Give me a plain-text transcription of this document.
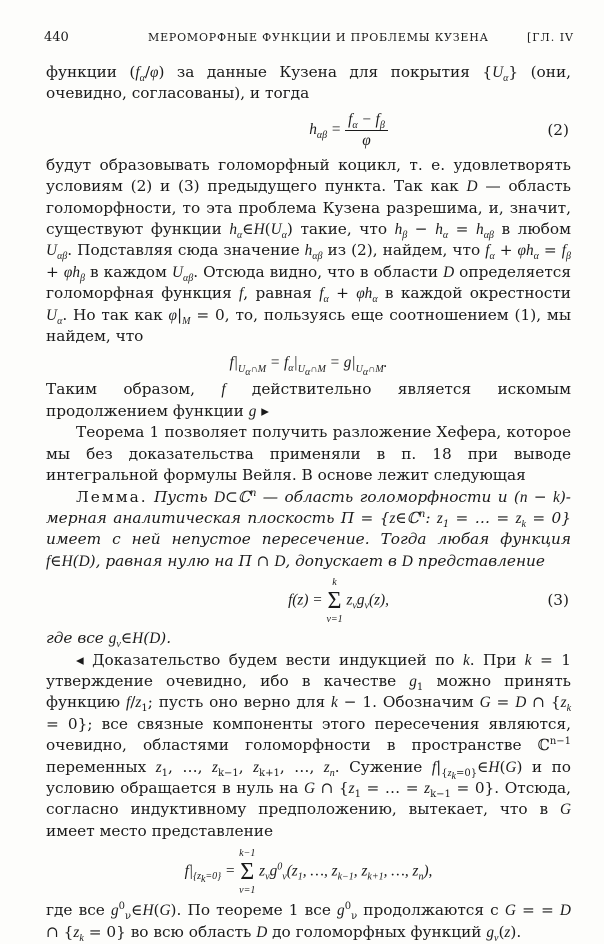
440	МЕРОМОРФНЫЕ ФУНКЦИИ И ПРОБЛЕМЫ КУЗЕНА	[ГЛ. IV

функции $(f_\alpha/\varphi)$ за данные Кузена для покрытия $\{U_\alpha\}$ (они, очевидно, согласованы), и тогда

$h_{\alpha\beta} = \frac{f_\alpha - f_\beta}{\varphi}$	(2)

будут образовывать голоморфный коцикл, т. е. удовлетворять условиям (2) и (3) предыдущего пункта. Так как D — область голоморфности, то эта проблема Кузена разрешима, и, значит, существуют функции $h_\alpha\in H(U_\alpha)$ такие, что $h_\beta - h_\alpha = h_{\alpha\beta}$ в любом $U_{\alpha\beta}$. Подставляя сюда значение $h_{\alpha\beta}$ из (2), найдем, что $f_\alpha + \varphi h_\alpha = f_\beta + \varphi h_\beta$ в каждом $U_{\alpha\beta}$. Отсюда видно, что в области D определяется голоморфная функция f, равная $f_\alpha + \varphi h_\alpha$ в каждой окрестности $U_\alpha$. Но так как $\varphi|_M = 0$, то, пользуясь еще соотношением (1), мы найдем, что

$f|_{U_\alpha\cap M} = f_\alpha|_{U_\alpha\cap M} = g|_{U_\alpha\cap M}$.

Таким образом, f действительно является искомым продолжением функции g ▸

Теорема 1 позволяет получить разложение Хефера, которое мы без доказательства применяли в п. 18 при выводе интегральной формулы Вейля. В основе лежит следующая

Лемма. Пусть D⊂ℂ$^n$ — область голоморфности и (n − k)-мерная аналитическая плоскость Π = {z∈ℂ$^n$: $z_1$ = … = $z_k = 0$} имеет с ней непустое пересечение. Тогда любая функция f∈H(D), равная нулю на Π ∩ D, допускает в D представление

f(z) =
k
Σ
ν=1
$z_\nu g_\nu(z)$,	(3)

где все $g_\nu\in H(D)$.

◂ Доказательство будем вести индукцией по k. При k = 1 утверждение очевидно, ибо в качестве $g_1$ можно принять функцию $f/z_1$; пусть оно верно для k − 1. Обозначим G = D ∩ $\{z_k = 0\}$; все связные компоненты этого пересечения являются, очевидно, областями голоморфности в пространстве ℂ$^{n-1}$ переменных $z_1$, …, $z_{k-1}$, $z_{k+1}$, …, $z_n$. Сужение $f|_{\{z_k=0\}}\in H(G)$ и по условию обращается в нуль на G ∩ {$z_1$ = … = $z_{k-1} = 0$}. Отсюда, согласно индуктивному предположению, вытекает, что в G имеет место представление

$f|_{\{z_k=0\}}$ =
k−1
Σ
ν=1
$z_\nu g^0_\nu(z_1$, …, $z_{k-1}$, $z_{k+1}$, …, $z_n$),

где все $g^0_\nu\in H(G)$. По теореме 1 все $g^0_\nu$ продолжаются с G = = D ∩ $\{z_k = 0\}$ во всю область D до голоморфных функций $g_\nu(z)$.
